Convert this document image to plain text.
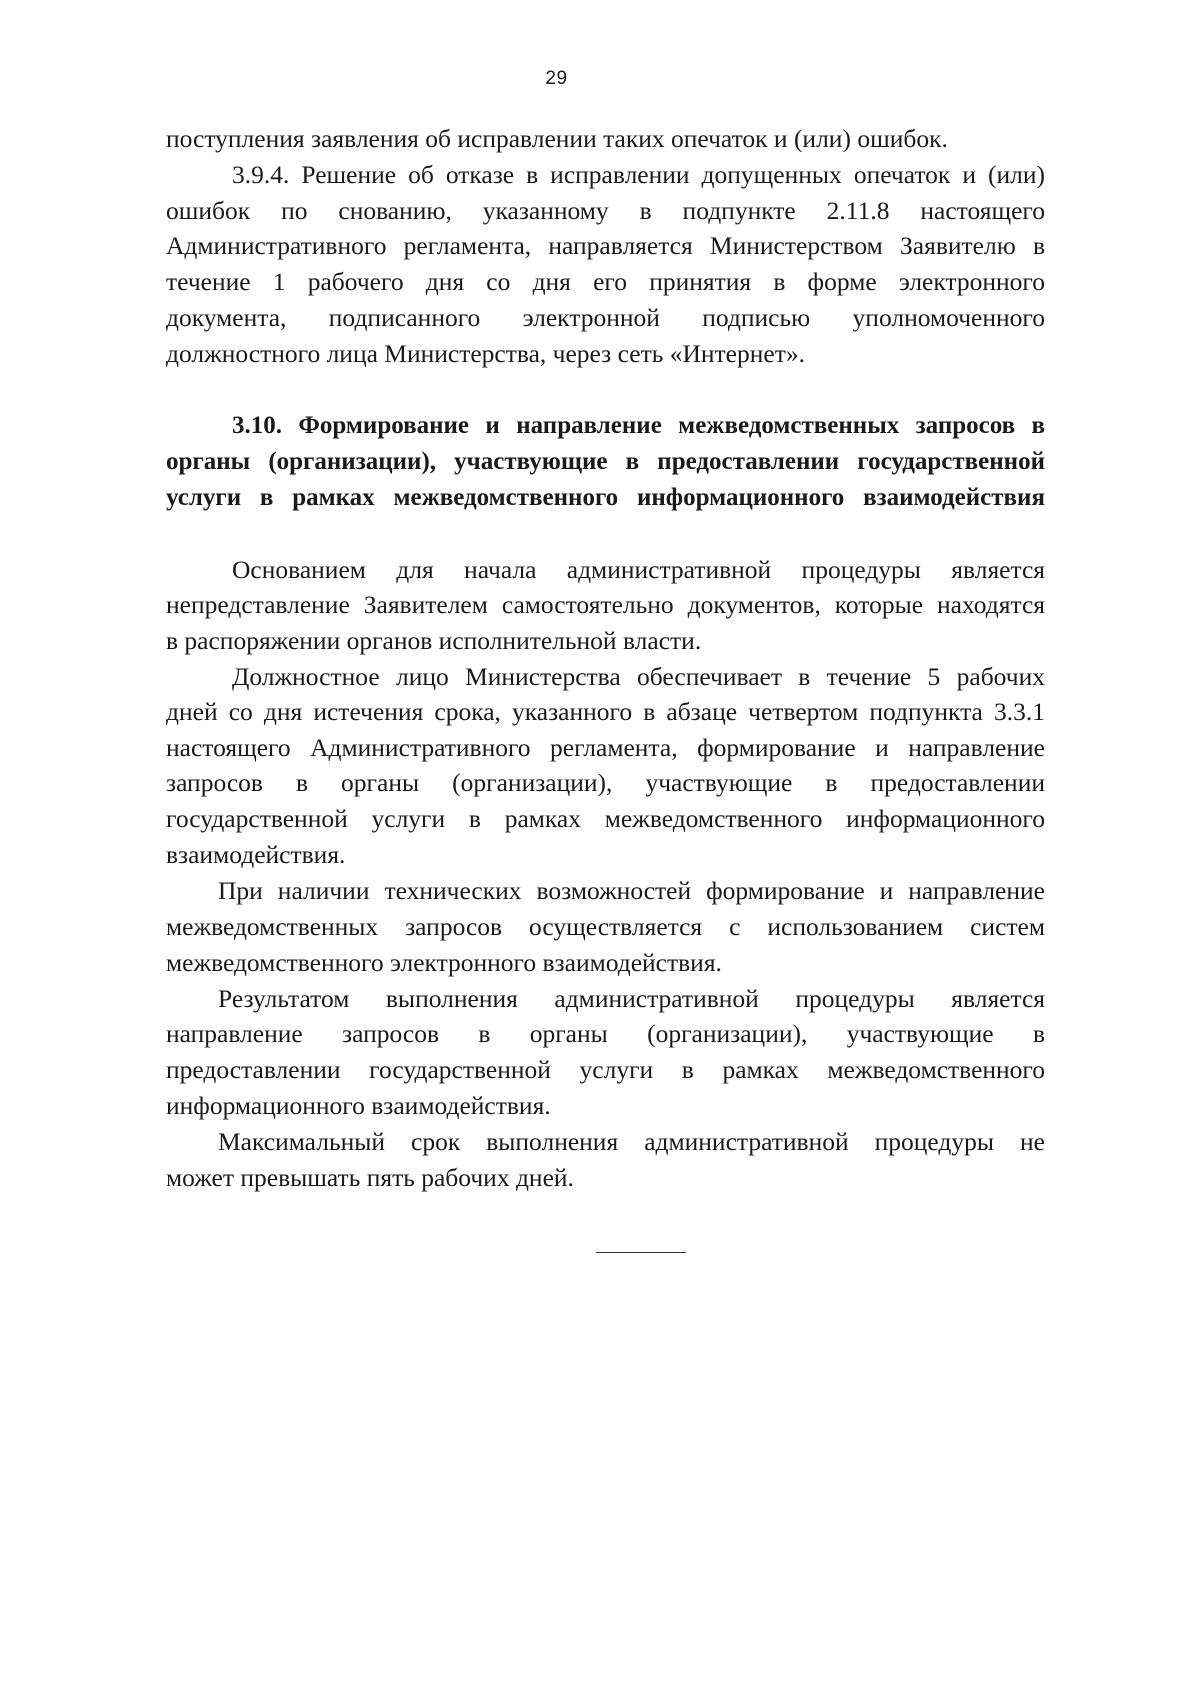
29
поступления заявления об исправлении таких опечаток и (или) ошибок.
3.9.4. Решение об отказе в исправлении допущенных опечаток и (или)
ошибок по снованию, указанному в подпункте 2.11.8 настоящего
Административного регламента, направляется Министерством Заявителю в
течение 1 рабочего дня со дня его принятия в форме электронного
документа, подписанного электронной подписью уполномоченного
должностного лица Министерства, через сеть «Интернет».
3.10. Формирование и направление межведомственных запросов в
органы (организации), участвующие в предоставлении государственной
услуги в рамках межведомственного информационного взаимодействия
Основанием для начала административной процедуры является
непредставление Заявителем самостоятельно документов, которые находятся
в распоряжении органов исполнительной власти.
Должностное лицо Министерства обеспечивает в течение 5 рабочих
дней со дня истечения срока, указанного в абзаце четвертом подпункта 3.3.1
настоящего Административного регламента, формирование и направление
запросов в органы (организации), участвующие в предоставлении
государственной услуги в рамках межведомственного информационного
взаимодействия.
При наличии технических возможностей формирование и направление
межведомственных запросов осуществляется с использованием систем
межведомственного электронного взаимодействия.
Результатом выполнения административной процедуры является
направление запросов в органы (организации), участвующие в
предоставлении государственной услуги в рамках межведомственного
информационного взаимодействия.
Максимальный срок выполнения административной процедуры не
может превышать пять рабочих дней.
